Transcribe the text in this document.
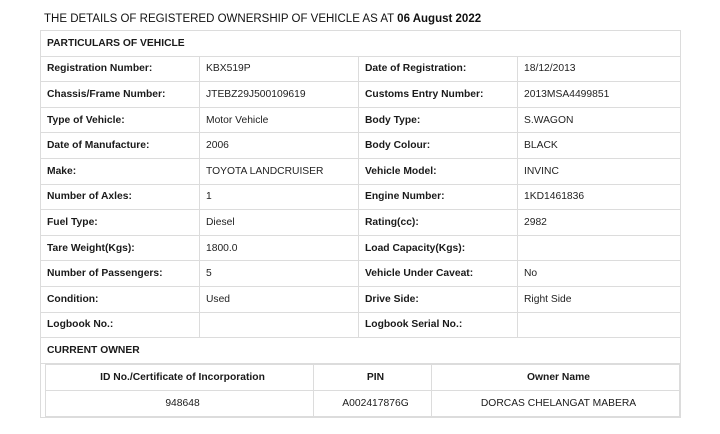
THE DETAILS OF REGISTERED OWNERSHIP OF VEHICLE AS AT 06 August 2022
PARTICULARS OF VEHICLE
Registration Number:	KBX519P	Date of Registration:	18/12/2013
Chassis/Frame Number:	JTEBZ29J500109619	Customs Entry Number:	2013MSA4499851
Type of Vehicle:	Motor Vehicle	Body Type:	S.WAGON
Date of Manufacture:	2006	Body Colour:	BLACK
Make:	TOYOTA LANDCRUISER	Vehicle Model:	INVINC
Number of Axles:	1	Engine Number:	1KD1461836
Fuel Type:	Diesel	Rating(cc):	2982
Tare Weight(Kgs):	1800.0	Load Capacity(Kgs):	
Number of Passengers:	5	Vehicle Under Caveat:	No
Condition:	Used	Drive Side:	Right Side
Logbook No.:		Logbook Serial No.:	
CURRENT OWNER

ID No./Certificate of Incorporation	PIN	Owner Name
948648	A002417876G	DORCAS CHELANGAT MABERA
